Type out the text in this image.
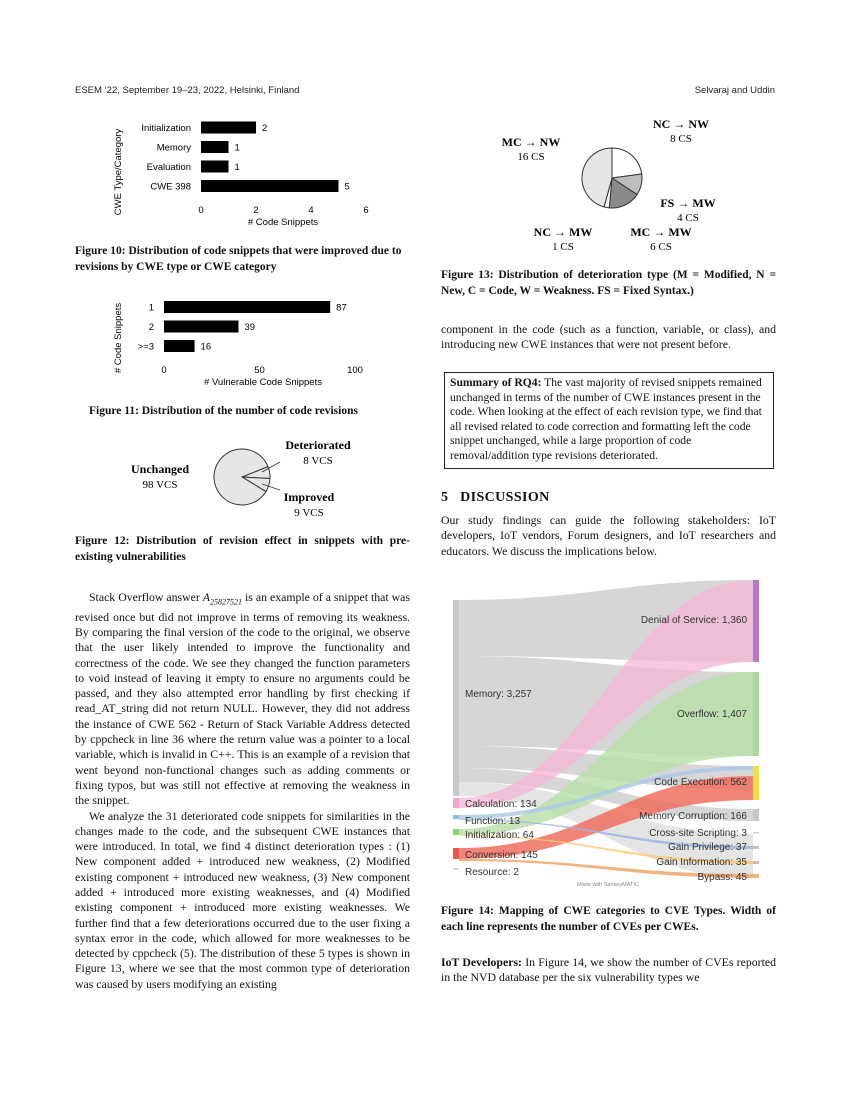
ESEM ’22, September 19–23, 2022, Helsinki, Finland	Selvaraj and Uddin
Initialization	2
Memory	1
Evaluation	1
CWE 398	5
0	2	4	6
# Code Snippets
CWE Type/Category
Figure 10: Distribution of code snippets that were improved due to revisions by CWE type or CWE category
1	87
2	39
>=3	16
0	50	100
# Vulnerable Code Snippets
# Code Snippets
Figure 11: Distribution of the number of code revisions
Unchanged
98 VCS
Deteriorated
8 VCS
Improved
9 VCS
Figure 12: Distribution of revision effect in snippets with pre-existing vulnerabilities

Stack Overflow answer $A_{25827521}$ is an example of a snippet that was revised once but did not improve in terms of removing its weakness. By comparing the final version of the code to the original, we observe that the user likely intended to improve the functionality and correctness of the code. We see they changed the function parameters to void instead of leaving it empty to ensure no arguments could be passed, and they also attempted error handling by first checking if read_AT_string did not return NULL. However, they did not address the instance of CWE 562 - Return of Stack Variable Address detected by cppcheck in line 36 where the return value was a pointer to a local variable, which is invalid in C++. This is an example of a revision that went beyond non-functional changes such as adding comments or fixing typos, but was still not effective at removing the weakness in the snippet.

We analyze the 31 deteriorated code snippets for similarities in the changes made to the code, and the subsequent CWE instances that were introduced. In total, we find 4 distinct deterioration types : (1) New component added + introduced new weakness, (2) Modified existing component + introduced new weakness, (3) New component added + introduced more existing weaknesses, and (4) Modified existing component + introduced more existing weaknesses. We further find that a few deteriorations occurred due to the user fixing a syntax error in the code, which allowed for more weaknesses to be detected by cppcheck (5). The distribution of these 5 types is shown in Figure 13, where we see that the most common type of deterioration was caused by users modifying an existing

MC → NW
16 CS
NC → NW
8 CS
FS → MW
4 CS
MC → MW
6 CS
NC → MW
1 CS
Figure 13: Distribution of deterioration type (M = Modified, N = New, C = Code, W = Weakness. FS = Fixed Syntax.)
component in the code (such as a function, variable, or class), and introducing new CWE instances that were not present before.
Summary of RQ4: The vast majority of revised snippets remained unchanged in terms of the number of CWE instances present in the code. When looking at the effect of each revision type, we find that all revised related to code correction and formatting left the code snippet unchanged, while a large proportion of code removal/addition type revisions deteriorated.
5 DISCUSSION
Our study findings can guide the following stakeholders: IoT developers, IoT vendors, Forum designers, and IoT researchers and educators. We discuss the implications below.
Memory: 3,257
Calculation: 134
Function: 13
Initialization: 64
Conversion: 145
Resource: 2
Denial of Service: 1,360
Overflow: 1,407
Code Execution: 562
Memory Corruption: 166
Cross-site Scripting: 3
Gain Privilege: 37
Gain Information: 35
Bypass: 45
Made with SankeyMATIC
Figure 14: Mapping of CWE categories to CVE Types. Width of each line represents the number of CVEs per CWEs.
IoT Developers: In Figure 14, we show the number of CVEs reported in the NVD database per the six vulnerability types we
